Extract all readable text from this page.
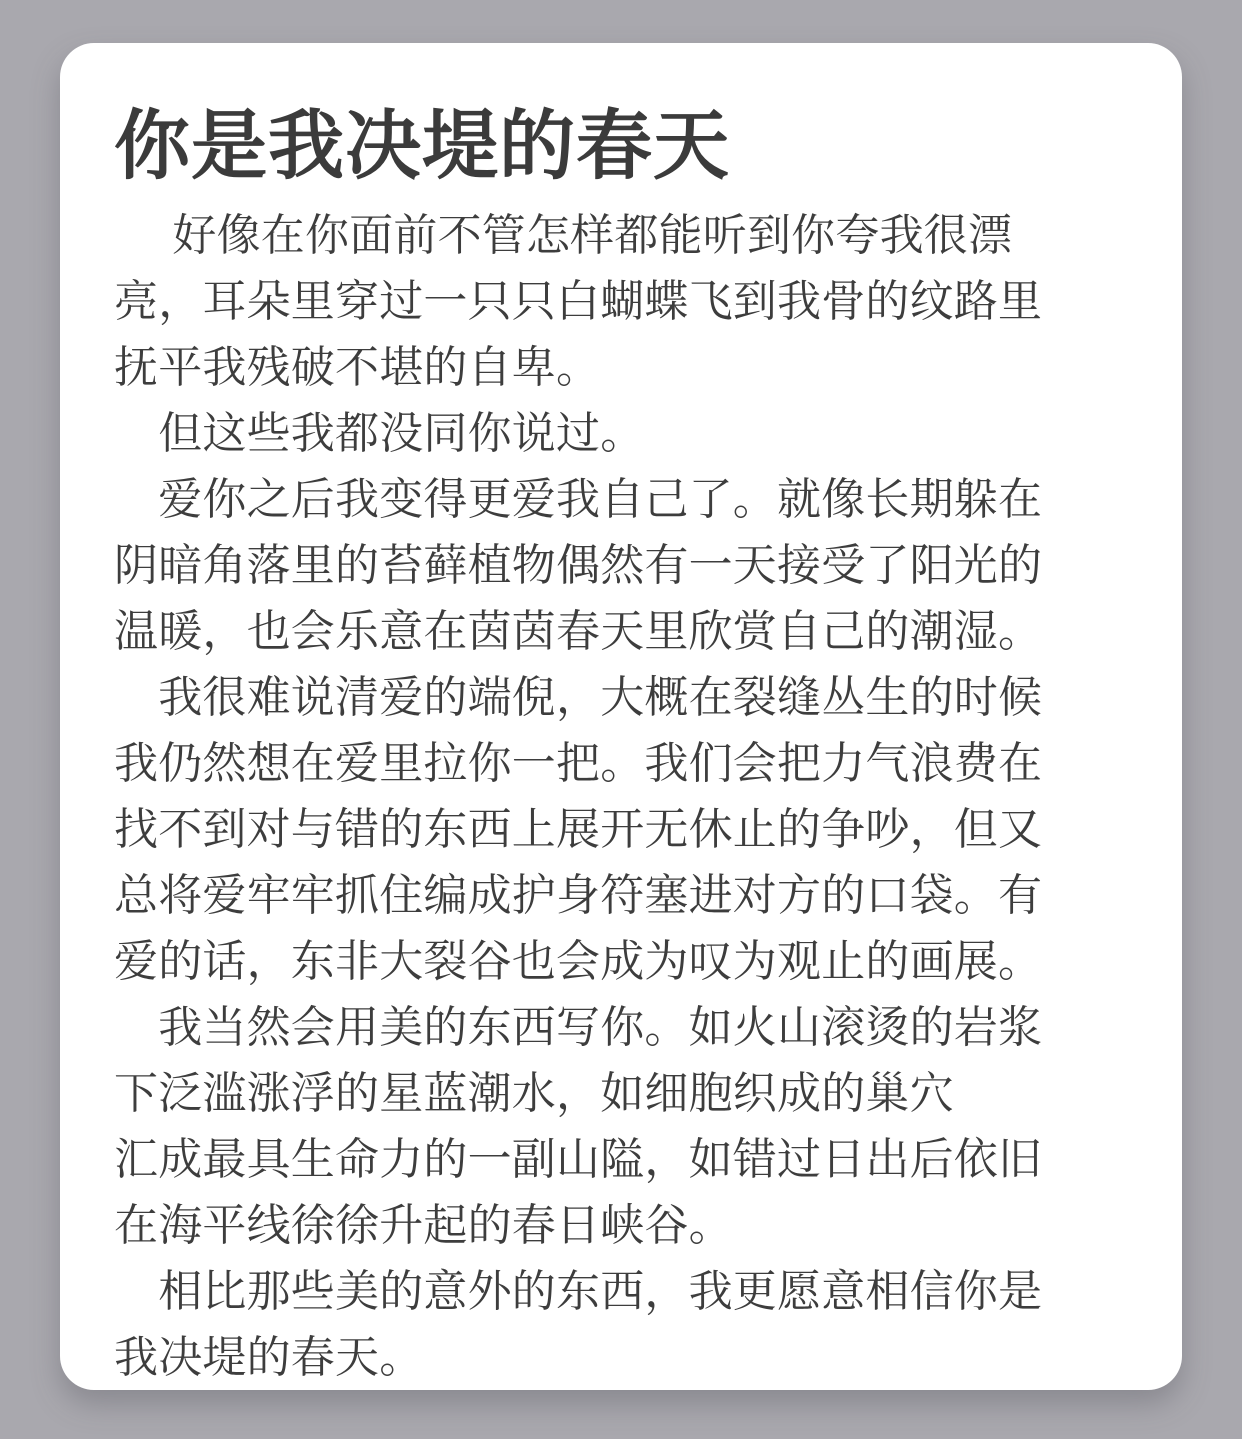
你是我决堤的春天
　 好像在你面前不管怎样都能听到你夸我很漂
亮，耳朵里穿过一只只白蝴蝶飞到我骨的纹路里
抚平我残破不堪的自卑。
　但这些我都没同你说过。
　爱你之后我变得更爱我自己了。就像长期躲在
阴暗角落里的苔藓植物偶然有一天接受了阳光的
温暖，也会乐意在茵茵春天里欣赏自己的潮湿。
　我很难说清爱的端倪，大概在裂缝丛生的时候
我仍然想在爱里拉你一把。我们会把力气浪费在
找不到对与错的东西上展开无休止的争吵，但又
总将爱牢牢抓住编成护身符塞进对方的口袋。有
爱的话，东非大裂谷也会成为叹为观止的画展。
　我当然会用美的东西写你。如火山滚烫的岩浆
下泛滥涨浮的星蓝潮水，如细胞织成的巢穴
汇成最具生命力的一副山隘，如错过日出后依旧
在海平线徐徐升起的春日峡谷。
　相比那些美的意外的东西，我更愿意相信你是
我决堤的春天。
